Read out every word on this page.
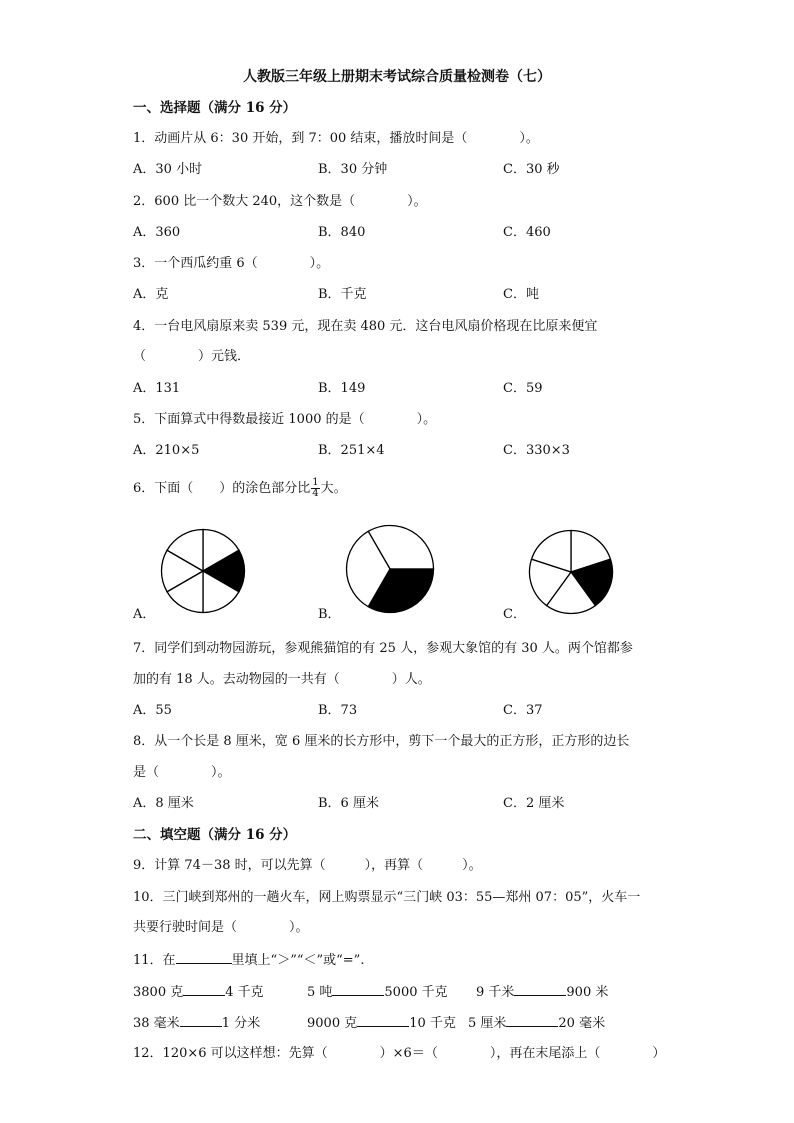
人教版三年级上册期末考试综合质量检测卷（七）
一、选择题（满分 16 分）
1．动画片从 6：30 开始，到 7：00 结束，播放时间是（　　　　）。
A．30 小时	B．30 分钟	C．30 秒
2．600 比一个数大 240，这个数是（　　　　）。
A．360	B．840	C．460
3．一个西瓜约重 6（　　　　）。
A．克	B．千克	C．吨
4．一台电风扇原来卖 539 元，现在卖 480 元．这台电风扇价格现在比原来便宜
（　　　　）元钱．
A．131	B．149	C．59
5．下面算式中得数最接近 1000 的是（　　　　）。
A．210×5	B．251×4	C．330×3
6．下面（　　）的涂色部分比 $\frac{1}{4}$ 大。
A．	B．	C．
7．同学们到动物园游玩，参观熊猫馆的有 25 人，参观大象馆的有 30 人。两个馆都参
加的有 18 人。去动物园的一共有（　　　　）人。
A．55	B．73	C．37
8．从一个长是 8 厘米，宽 6 厘米的长方形中，剪下一个最大的正方形，正方形的边长
是（　　　　）。
A．8 厘米	B．6 厘米	C．2 厘米
二、填空题（满分 16 分）
9．计算 74－38 时，可以先算（　　　），再算（　　　）。
10．三门峡到郑州的一趟火车，网上购票显示“三门峡 03：55—郑州 07：05”，火车一
共要行驶时间是（　　　　）。
11．在	里填上“＞”“＜”或“=”.
3800 克	4 千克	5 吨	5000 千克 9 千米	900 米
38 毫米	1 分米	9000 克	10 千克 5 厘米	20 毫米
12．120×6 可以这样想：先算（　　　　）×6＝（　　　　），再在末尾添上（　　　　）
